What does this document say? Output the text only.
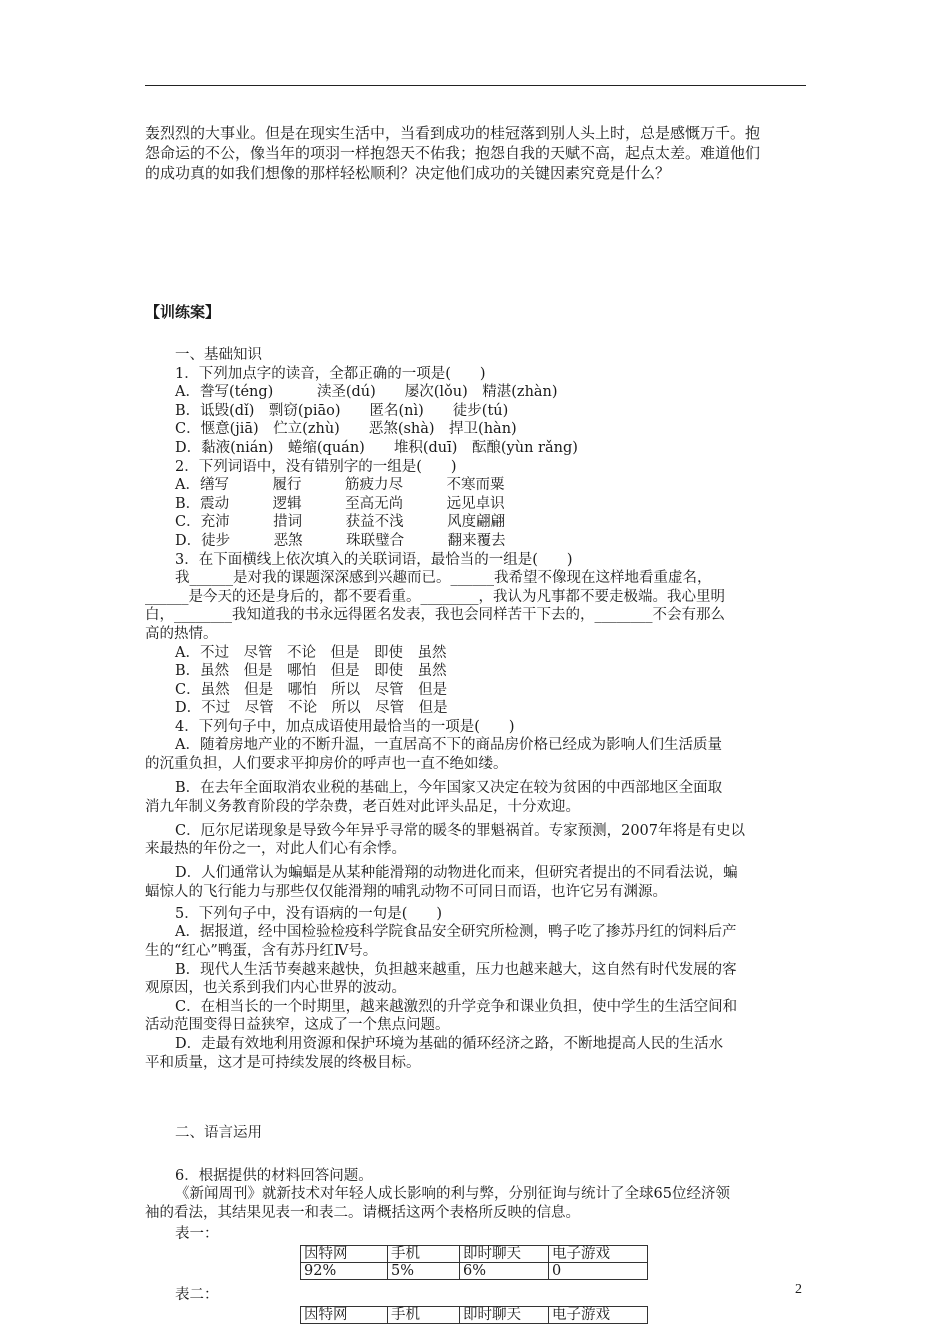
轰烈烈的大事业。但是在现实生活中，当看到成功的桂冠落到别人头上时，总是感慨万千。抱

怨命运的不公，像当年的项羽一样抱怨天不佑我；抱怨自我的天赋不高，起点太差。难道他们

的成功真的如我们想像的那样轻松顺利？决定他们成功的关键因素究竟是什么？

【训练案】
一、基础知识
1．下列加点字的读音，全都正确的一项是(　　)
A．誊写(téng)　　　渎圣(dú)　　屡次(lǒu)　精湛(zhàn)
B．诋毁(dǐ)　剽窃(piāo)　　匿名(nì)　　徒步(tú)
C．惬意(jiā)　伫立(zhù)　　恶煞(shà)　捍卫(hàn)
D．黏液(nián)　蜷缩(quán)　　堆积(duī)　酝酿(yùn rǎng)
2．下列词语中，没有错别字的一组是(　　)
A．缮写　　　履行　　　筋疲力尽　　　不寒而粟
B．震动　　　逻辑　　　至高无尚　　　远见卓识
C．充沛　　　措词　　　获益不浅　　　风度翩翩
D．徒步　　　恶煞　　　珠联璧合　　　翻来覆去
3．在下面横线上依次填入的关联词语，最恰当的一组是(　　)
我______是对我的课题深深感到兴趣而已。______我希望不像现在这样地看重虚名，
______是今天的还是身后的，都不要看重。________，我认为凡事都不要走极端。我心里明
白，________我知道我的书永远得匿名发表，我也会同样苦干下去的，________不会有那么
高的热情。
A．不过　尽管　不论　但是　即使　虽然
B．虽然　但是　哪怕　但是　即使　虽然
C．虽然　但是　哪怕　所以　尽管　但是
D．不过　尽管　不论　所以　尽管　但是
4．下列句子中，加点成语使用最恰当的一项是(　　)
A．随着房地产业的不断升温，一直居高不下的商品房价格已经成为影响人们生活质量
的沉重负担，人们要求平抑房价的呼声也一直不绝如缕。
B．在去年全面取消农业税的基础上，今年国家又决定在较为贫困的中西部地区全面取
消九年制义务教育阶段的学杂费，老百姓对此评头品足，十分欢迎。
C．厄尔尼诺现象是导致今年异乎寻常的暖冬的罪魁祸首。专家预测，2007年将是有史以
来最热的年份之一，对此人们心有余悸。
D．人们通常认为蝙蝠是从某种能滑翔的动物进化而来，但研究者提出的不同看法说，蝙
蝠惊人的飞行能力与那些仅仅能滑翔的哺乳动物不可同日而语，也许它另有渊源。
5．下列句子中，没有语病的一句是(　　)
A．据报道，经中国检验检疫科学院食品安全研究所检测，鸭子吃了掺苏丹红的饲料后产
生的“红心”鸭蛋，含有苏丹红Ⅳ号。
B．现代人生活节奏越来越快，负担越来越重，压力也越来越大，这自然有时代发展的客
观原因，也关系到我们内心世界的波动。
C．在相当长的一个时期里，越来越激烈的升学竞争和课业负担，使中学生的生活空间和
活动范围变得日益狭窄，这成了一个焦点问题。
D．走最有效地利用资源和保护环境为基础的循环经济之路，不断地提高人民的生活水
平和质量，这才是可持续发展的终极目标。
二、语言运用
6．根据提供的材料回答问题。
《新闻周刊》就新技术对年轻人成长影响的利与弊，分别征询与统计了全球65位经济领
袖的看法，其结果见表一和表二。请概括这两个表格所反映的信息。
表一：
因特网	手机	即时聊天	电子游戏
92%	5%	6%	0
表二：
因特网	手机	即时聊天	电子游戏
2
